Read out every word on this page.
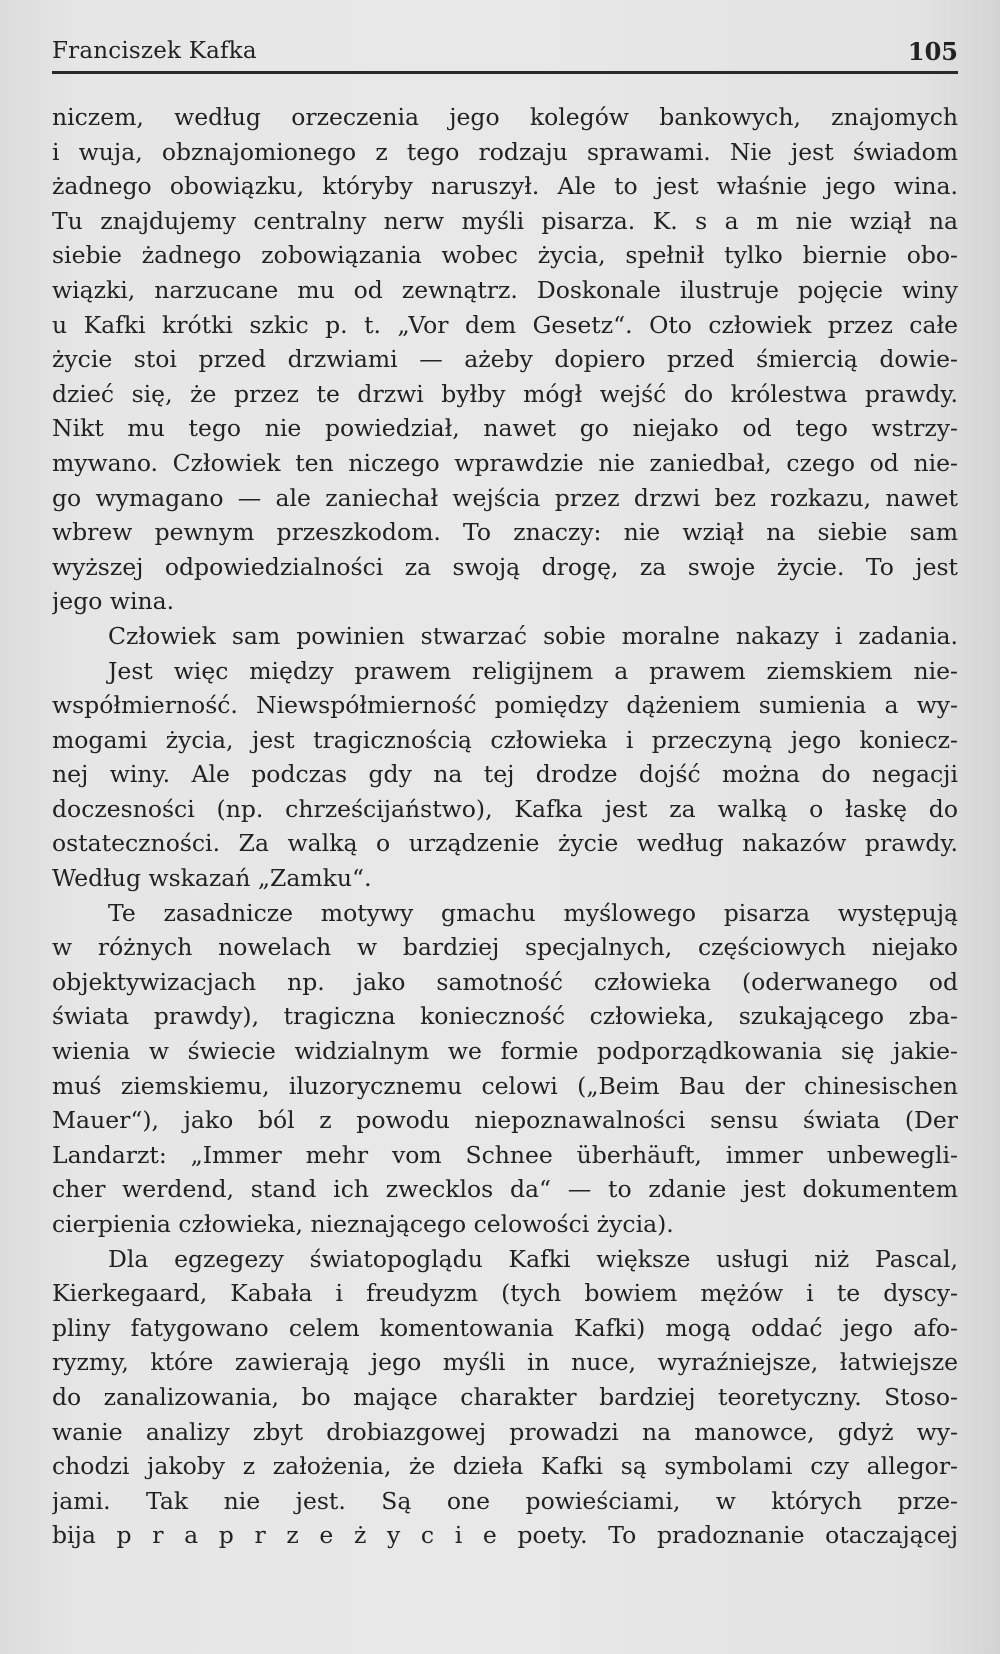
Franciszek Kafka	105
niczem, według orzeczenia jego kolegów bankowych, znajomych
i wuja, obznajomionego z tego rodzaju sprawami. Nie jest świadom
żadnego obowiązku, któryby naruszył. Ale to jest właśnie jego wina.
Tu znajdujemy centralny nerw myśli pisarza. K. s a m nie wziął na
siebie żadnego zobowiązania wobec życia, spełnił tylko biernie obo-
wiązki, narzucane mu od zewnątrz. Doskonale ilustruje pojęcie winy
u Kafki krótki szkic p. t. „Vor dem Gesetz“. Oto człowiek przez całe
życie stoi przed drzwiami — ażeby dopiero przed śmiercią dowie-
dzieć się, że przez te drzwi byłby mógł wejść do królestwa prawdy.
Nikt mu tego nie powiedział, nawet go niejako od tego wstrzy-
mywano. Człowiek ten niczego wprawdzie nie zaniedbał, czego od nie-
go wymagano — ale zaniechał wejścia przez drzwi bez rozkazu, nawet
wbrew pewnym przeszkodom. To znaczy: nie wziął na siebie sam
wyższej odpowiedzialności za swoją drogę, za swoje życie. To jest
jego wina.
Człowiek sam powinien stwarzać sobie moralne nakazy i zadania.
Jest więc między prawem religijnem a prawem ziemskiem nie-
współmierność. Niewspółmierność pomiędzy dążeniem sumienia a wy-
mogami życia, jest tragicznością człowieka i przeczyną jego koniecz-
nej winy. Ale podczas gdy na tej drodze dojść można do negacji
doczesności (np. chrześcijaństwo), Kafka jest za walką o łaskę do
ostateczności. Za walką o urządzenie życie według nakazów prawdy.
Według wskazań „Zamku“.
Te zasadnicze motywy gmachu myślowego pisarza występują
w różnych nowelach w bardziej specjalnych, częściowych niejako
objektywizacjach np. jako samotność człowieka (oderwanego od
świata prawdy), tragiczna konieczność człowieka, szukającego zba-
wienia w świecie widzialnym we formie podporządkowania się jakie-
muś ziemskiemu, iluzorycznemu celowi („Beim Bau der chinesischen
Mauer“), jako ból z powodu niepoznawalności sensu świata (Der
Landarzt: „Immer mehr vom Schnee überhäuft, immer unbewegli-
cher werdend, stand ich zwecklos da“ — to zdanie jest dokumentem
cierpienia człowieka, nieznającego celowości życia).
Dla egzegezy światopoglądu Kafki większe usługi niż Pascal,
Kierkegaard, Kabała i freudyzm (tych bowiem mężów i te dyscy-
pliny fatygowano celem komentowania Kafki) mogą oddać jego afo-
ryzmy, które zawierają jego myśli in nuce, wyraźniejsze, łatwiejsze
do zanalizowania, bo mające charakter bardziej teoretyczny. Stoso-
wanie analizy zbyt drobiazgowej prowadzi na manowce, gdyż wy-
chodzi jakoby z założenia, że dzieła Kafki są symbolami czy allegor-
jami. Tak nie jest. Są one powieściami, w których prze-
bija p r a p r z e ż y c i e poety. To pradoznanie otaczającej
